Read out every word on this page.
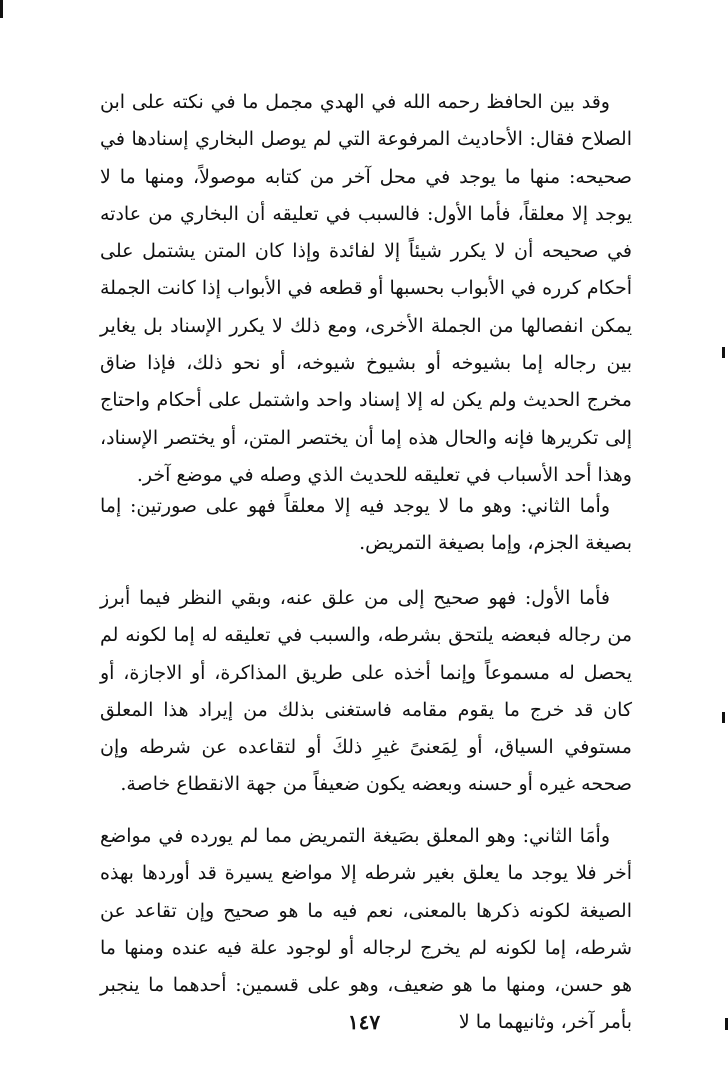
وقد بين الحافظ رحمه الله في الهدي مجمل ما في نكته على ابن الصلاح فقال: الأحاديث المرفوعة التي لم يوصل البخاري إسنادها في صحيحه: منها ما يوجد في محل آخر من كتابه موصولاً، ومنها ما لا يوجد إلا معلقاً، فأما الأول: فالسبب في تعليقه أن البخاري من عادته في صحيحه أن لا يكرر شيئاً إلا لفائدة وإذا كان المتن يشتمل على أحكام كرره في الأبواب بحسبها أو قطعه في الأبواب إذا كانت الجملة يمكن انفصالها من الجملة الأخرى، ومع ذلك لا يكرر الإسناد بل يغاير بين رجاله إما بشيوخه أو بشيوخ شيوخه، أو نحو ذلك، فإذا ضاق مخرج الحديث ولم يكن له إلا إسناد واحد واشتمل على أحكام واحتاج إلى تكريرها فإنه والحال هذه إما أن يختصر المتن، أو يختصر الإسناد، وهذا أحد الأسباب في تعليقه للحديث الذي وصله في موضع آخر.

وأما الثاني: وهو ما لا يوجد فيه إلا معلقاً فهو على صورتين: إما بصيغة الجزم، وإما بصيغة التمريض.

فأما الأول: فهو صحيح إلى من علق عنه، وبقي النظر فيما أبرز من رجاله فبعضه يلتحق بشرطه، والسبب في تعليقه له إما لكونه لم يحصل له مسموعاً وإنما أخذه على طريق المذاكرة، أو الاجازة، أو كان قد خرج ما يقوم مقامه فاستغنى بذلك من إيراد هذا المعلق مستوفي السياق، أو لِمَعنىً غيرِ ذلكَ أو لتقاعده عن شرطه وإن صححه غيره أو حسنه وبعضه يكون ضعيفاً من جهة الانقطاع خاصة.

وأمَا الثاني: وهو المعلق بصَيغة التمريض مما لم يورده في مواضع أخر فلا يوجد ما يعلق بغير شرطه إلا مواضع يسيرة قد أوردها بهذه الصيغة لكونه ذكرها بالمعنى، نعم فيه ما هو صحيح وإن تقاعد عن شرطه، إما لكونه لم يخرج لرجاله أو لوجود علة فيه عنده ومنها ما هو حسن، ومنها ما هو ضعيف، وهو على قسمين: أحدهما ما ينجبر بأمر آخر، وثانيهما ما لا

١٤٧
